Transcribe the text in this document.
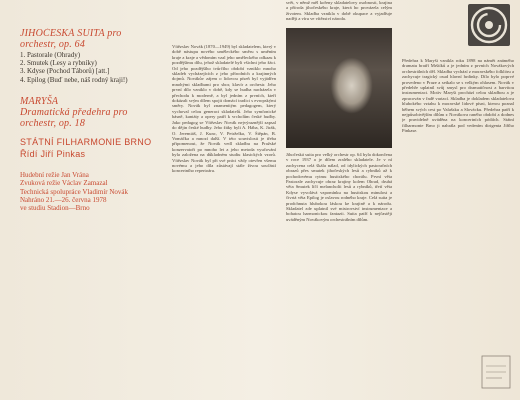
JIHOČESKÁ SUITA pro orchestr, op. 64

1. Pastorale (Ohrady)
2. Smutek (Lesy a rybníky)
3. Kdyse (Pochod Táborů) [att.]
4. Epilog (Buď nebe, náš rodný kraji!)

MARYŠA

Dramatická předehra pro orchestr, op. 18

STÁTNÍ FILHARMONIE BRNO

Řídí Jiří Pinkas

Hudební režie Jan Vrána
Zvuková režie Václav Zamazal
Technická spolupráce Vladimír Novák
Nahráno 21.—26. června 1978
ve studiu Stadion—Brno

Vítězslav Novák (1870—1949) byl skladatelem, který v době nástupu nového uměleckého směru s uměním kraje a kraje a vědomím vzal jeho uměleckého odkazu k pozdějšímu dílu, jehož skladatelé byli všichni jeho žáci. Od jeho pozdějšího tvůrčího období vzniklo mnoho skladeb vycházejících z jeho přírodních a krajinných dojmů. Novákův zájem o lidovou píseň byl vyjádřen mnohými skladbami pro sbor, klavír a orchestr. Jeho první dílo vzniklo v době, kdy se hudba nacházela v přechodu k moderně, a byl jedním z prvních, kteří dokázali svým dílem spojit domácí tradici s evropskými směry. Novák byl znamenitým pedagogem, který vychoval celou generaci skladatelů. Jeho symfonické básně, kantáty a opery patří k vrcholům české hudby. Jako pedagog se Vítězslav Novák nejvýraznější zapsal do dějin české hudby. Jeho žáky byli A. Hába, K. Jirák, O. Jeremiáš, J. Kunc, V. Petrželka, V. Štěpán, B. Vomáčka a mnozí další. V této souvislosti je třeba připomenout, že Novák vedl skladbu na Pražské konzervatoři po mnoho let a jeho metoda vyučování byla založena na důkladném studiu klasických vzorů. Vítězslav Novák byl při své práci vždy otevřen všemu novému a jeho díla zůstávají stále živou součástí koncertního repertoáru.

svět, v němž měl kořeny skladatelovy osobnosti, krajina a příroda jihočeského kraje, která ho provázela celým životem. Skladba vznikla v době okupace a vyjadřuje naději a víru ve vítězství národa.

Jihočeská suita pro velký orchestr op. 64 byla dokončena v roce 1937 a je dílem zralého skladatele. Je v ní zachycena celá škála nálad, od idylických pastoračních obrazů přes smutek jihočeských lesů a rybníků až k pochodovému rytmu husitského chorálu. První věta Pastorale zachycuje obraz krajiny kolem Ohrad, druhá věta Smutek líčí melancholii lesů a rybníků, třetí věta Kdyse vyvolává vzpomínku na husitskou minulost a čtvrtá věta Epilog je oslavou rodného kraje. Celá suita je prodchnuta hlubokou láskou ke krajině a k národu. Skladatel zde uplatnil své mistrovství instrumentace a bohatou harmonickou fantazii. Suita patří k nejčastěji uváděným Novákovým orchestrálním dílům.

Předehra k Maryši vznikla roku 1898 na námět známého dramatu bratří Mrštíků a je jedním z prvních Novákových orchestrálních děl. Skladba vychází z moravského folklóru a zachycuje tragický osud hlavní hrdinky. Dílo bylo poprvé provedeno v Praze a setkalo se s velkým ohlasem. Novák v předehře uplatnil svůj smysl pro dramatičnost a barvitou instrumentaci. Motiv Maryši prochází celou skladbou a je zpracován v řadě variací. Skladba je dokladem skladatelova hlubokého vztahu k moravské lidové písni, kterou poznal během svých cest po Valašsku a Slovácku. Předehra patří k nejpůsobivějším dílům z Novákova raného období a dodnes je pravidelně uváděna na koncertních pódiích. Státní filharmonie Brno ji nahrála pod vedením dirigenta Jiřího Pinkase.
